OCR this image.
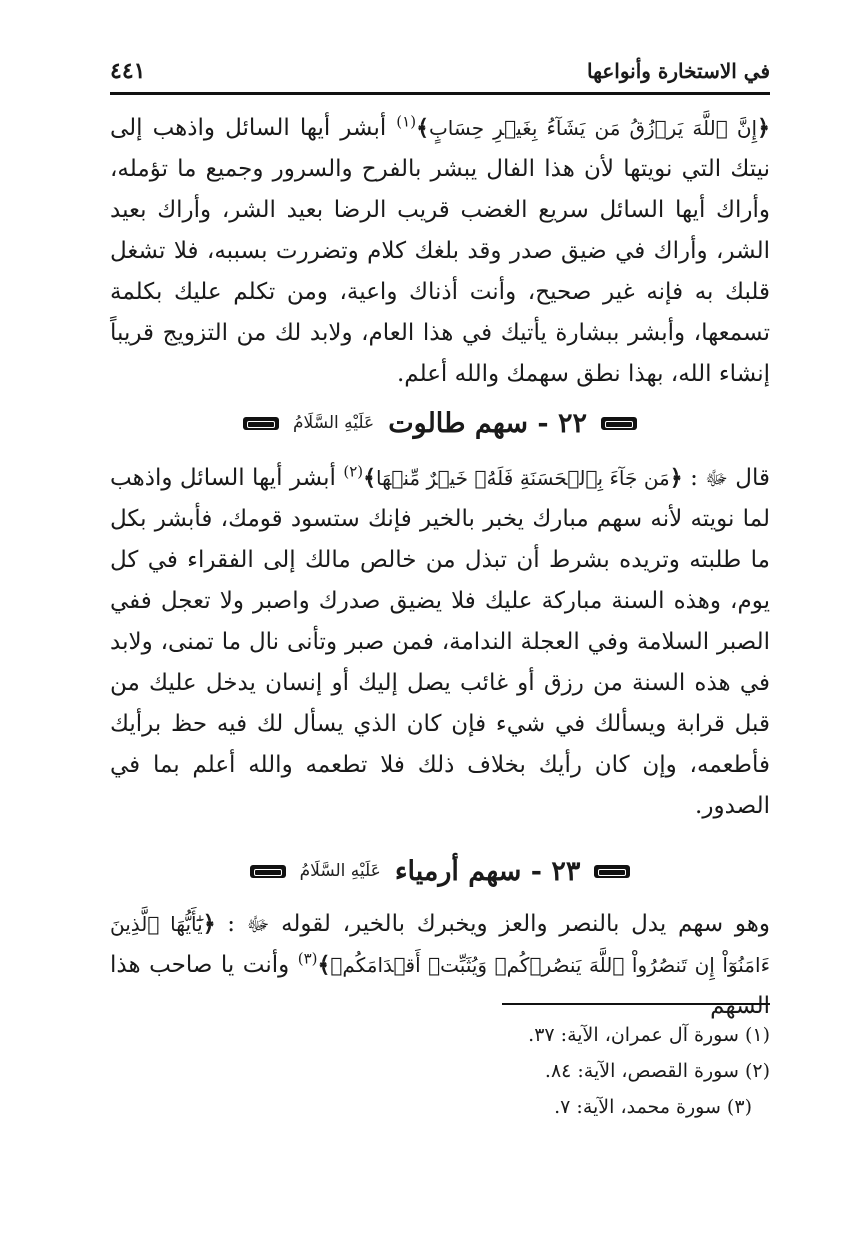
في الاستخارة وأنواعها
٤٤١

﴿إِنَّ ٱللَّهَ يَرۡزُقُ مَن يَشَآءُ بِغَيۡرِ حِسَابٍ﴾$^{(١)}$ أبشر أيها السائل واذهب إلى نيتك التي نويتها لأن هذا الفال يبشر بالفرح والسرور وجميع ما تؤمله، وأراك أيها السائل سريع الغضب قريب الرضا بعيد الشر، وأراك بعيد الشر، وأراك في ضيق صدر وقد بلغك كلام وتضررت بسببه، فلا تشغل قلبك به فإنه غير صحيح، وأنت أذناك واعية، ومن تكلم عليك بكلمة تسمعها، وأبشر ببشارة يأتيك في هذا العام، ولابد لك من التزويج قريباً إنشاء الله، بهذا نطق سهمك والله أعلم.

٢٢ - سهم طالوت
عَلَيْهِ السَّلَامُ

قال ﷻ : ﴿مَن جَآءَ بِٱلۡحَسَنَةِ فَلَهُۥ خَيۡرٌ مِّنۡهَا﴾$^{(٢)}$ أبشر أيها السائل واذهب لما نويته لأنه سهم مبارك يخبر بالخير فإنك ستسود قومك، فأبشر بكل ما طلبته وتريده بشرط أن تبذل من خالص مالك إلى الفقراء في كل يوم، وهذه السنة مباركة عليك فلا يضيق صدرك واصبر ولا تعجل ففي الصبر السلامة وفي العجلة الندامة، فمن صبر وتأنى نال ما تمنى، ولابد في هذه السنة من رزق أو غائب يصل إليك أو إنسان يدخل عليك من قبل قرابة ويسألك في شيء فإن كان الذي يسأل لك فيه حظ برأيك فأطعمه، وإن كان رأيك بخلاف ذلك فلا تطعمه والله أعلم بما في الصدور.

٢٣ - سهم أرمياء
عَلَيْهِ السَّلَامُ

وهو سهم يدل بالنصر والعز ويخبرك بالخير، لقوله ﷻ : ﴿يَٰٓأَيُّهَا ٱلَّذِينَ ءَامَنُوٓاْ إِن تَنصُرُواْ ٱللَّهَ يَنصُرۡكُمۡ وَيُثَبِّتۡ أَقۡدَامَكُمۡ﴾$^{(٣)}$ وأنت يا صاحب هذا السهم

(١) سورة آل عمران، الآية: ٣٧.
(٢) سورة القصص، الآية: ٨٤.
(٣) سورة محمد، الآية: ٧.
